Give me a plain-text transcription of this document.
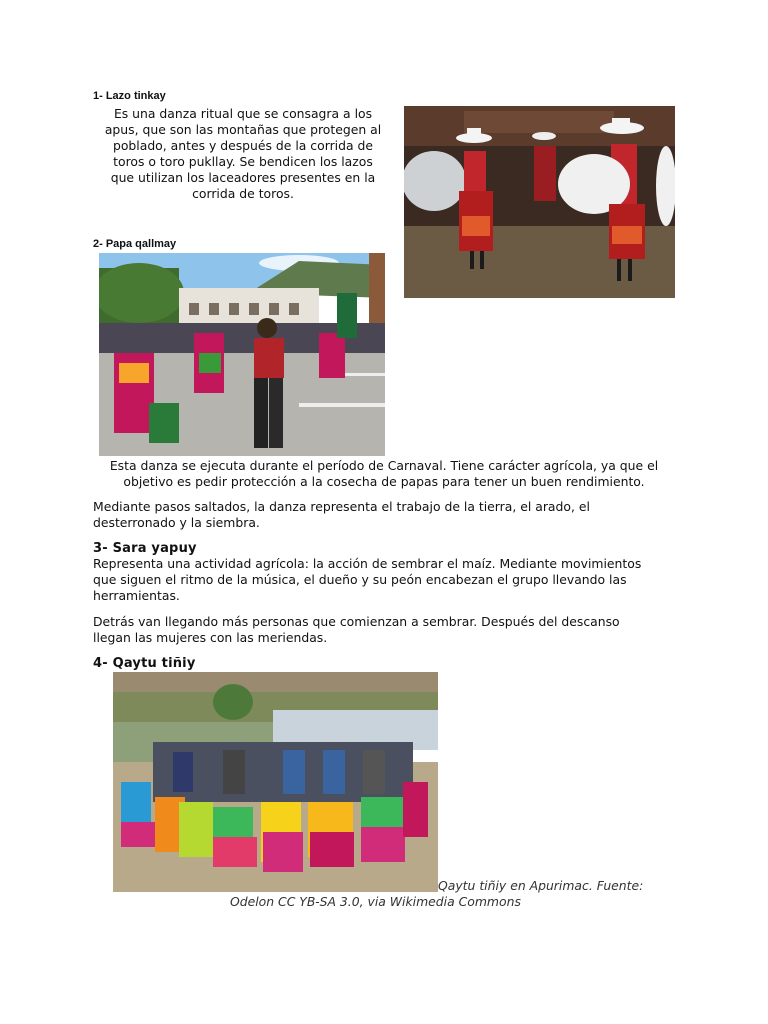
1- Lazo tinkay
Es una danza ritual que se consagra a los
apus, que son las montañas que protegen al
poblado, antes y después de la corrida de
toros o toro pukllay. Se bendicen los lazos
que utilizan los laceadores presentes en la
corrida de toros.
2- Papa qallmay
Esta danza se ejecuta durante el período de Carnaval. Tiene carácter agrícola, ya que el
objetivo es pedir protección a la cosecha de papas para tener un buen rendimiento.
Mediante pasos saltados, la danza representa el trabajo de la tierra, el arado, el
desterronado y la siembra.
3- Sara yapuy
Representa una actividad agrícola: la acción de sembrar el maíz. Mediante movimientos
que siguen el ritmo de la música, el dueño y su peón encabezan el grupo llevando las
herramientas.
Detrás van llegando más personas que comienzan a sembrar. Después del descanso
llegan las mujeres con las meriendas.
4- Qaytu tiñiy
Qaytu tiñiy en Apurimac. Fuente:
Odelon CC YB-SA 3.0, via Wikimedia Commons
